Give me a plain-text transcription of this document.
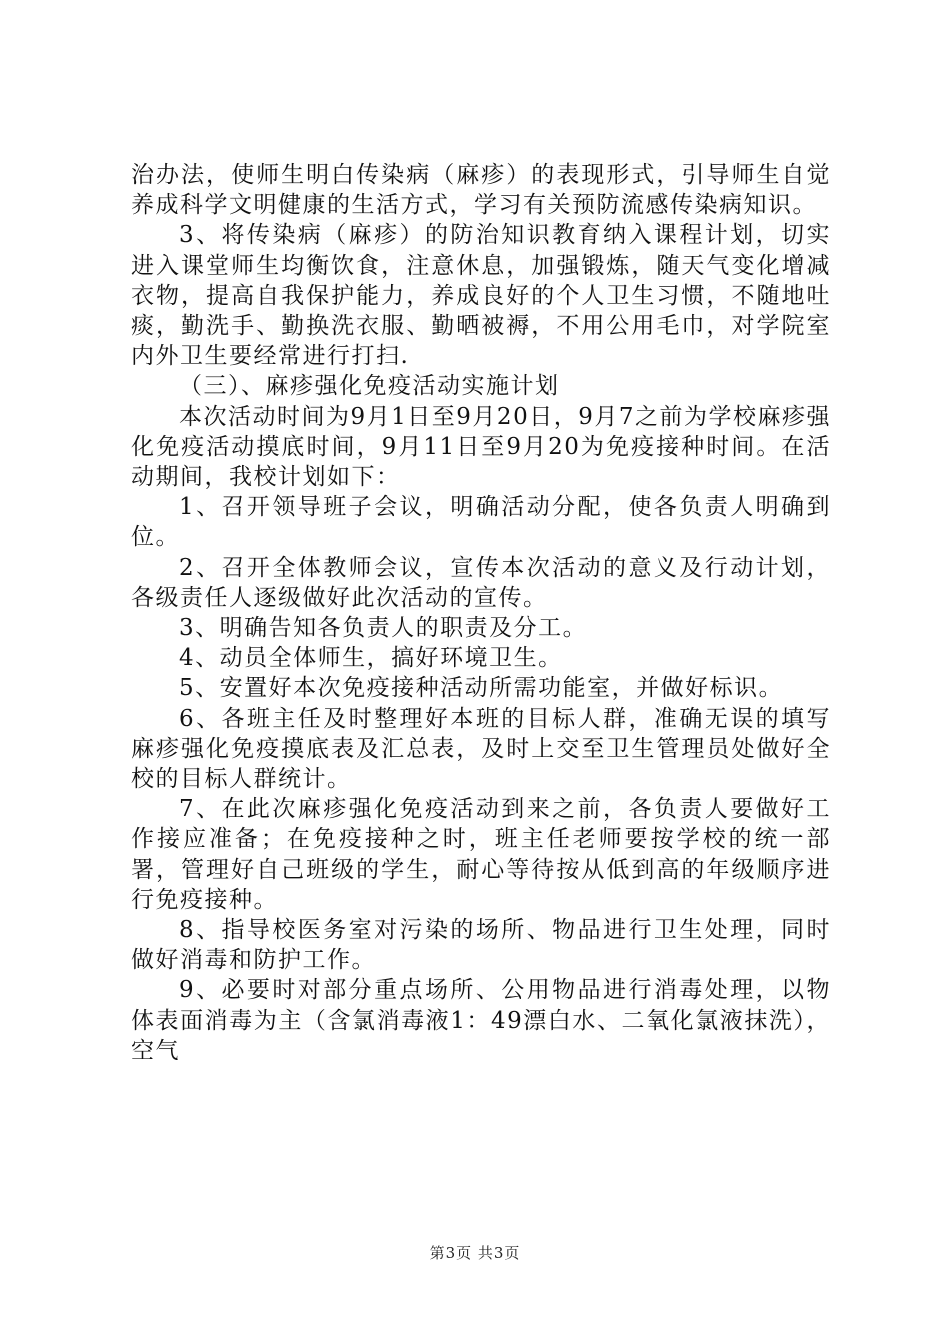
治办法，使师生明白传染病（麻疹）的表现形式，引导师生自觉养成科学文明健康的生活方式，学习有关预防流感传染病知识。

3、将传染病（麻疹）的防治知识教育纳入课程计划，切实进入课堂师生均衡饮食，注意休息，加强锻炼，随天气变化增减衣物，提高自我保护能力，养成良好的个人卫生习惯，不随地吐痰，勤洗手、勤换洗衣服、勤晒被褥，不用公用毛巾，对学院室内外卫生要经常进行打扫.

（三）、麻疹强化免疫活动实施计划

本次活动时间为9月1日至9月20日，9月7之前为学校麻疹强化免疫活动摸底时间，9月11日至9月20为免疫接种时间。在活动期间，我校计划如下：

1、召开领导班子会议，明确活动分配，使各负责人明确到位。

2、召开全体教师会议，宣传本次活动的意义及行动计划，各级责任人逐级做好此次活动的宣传。

3、明确告知各负责人的职责及分工。

4、动员全体师生，搞好环境卫生。

5、安置好本次免疫接种活动所需功能室，并做好标识。

6、各班主任及时整理好本班的目标人群，准确无误的填写麻疹强化免疫摸底表及汇总表，及时上交至卫生管理员处做好全校的目标人群统计。

7、在此次麻疹强化免疫活动到来之前，各负责人要做好工作接应准备；在免疫接种之时，班主任老师要按学校的统一部署，管理好自己班级的学生，耐心等待按从低到高的年级顺序进行免疫接种。

8、指导校医务室对污染的场所、物品进行卫生处理，同时做好消毒和防护工作。

9、必要时对部分重点场所、公用物品进行消毒处理，以物体表面消毒为主（含氯消毒液1：49漂白水、二氧化氯液抹洗），空气

第3页 共3页
